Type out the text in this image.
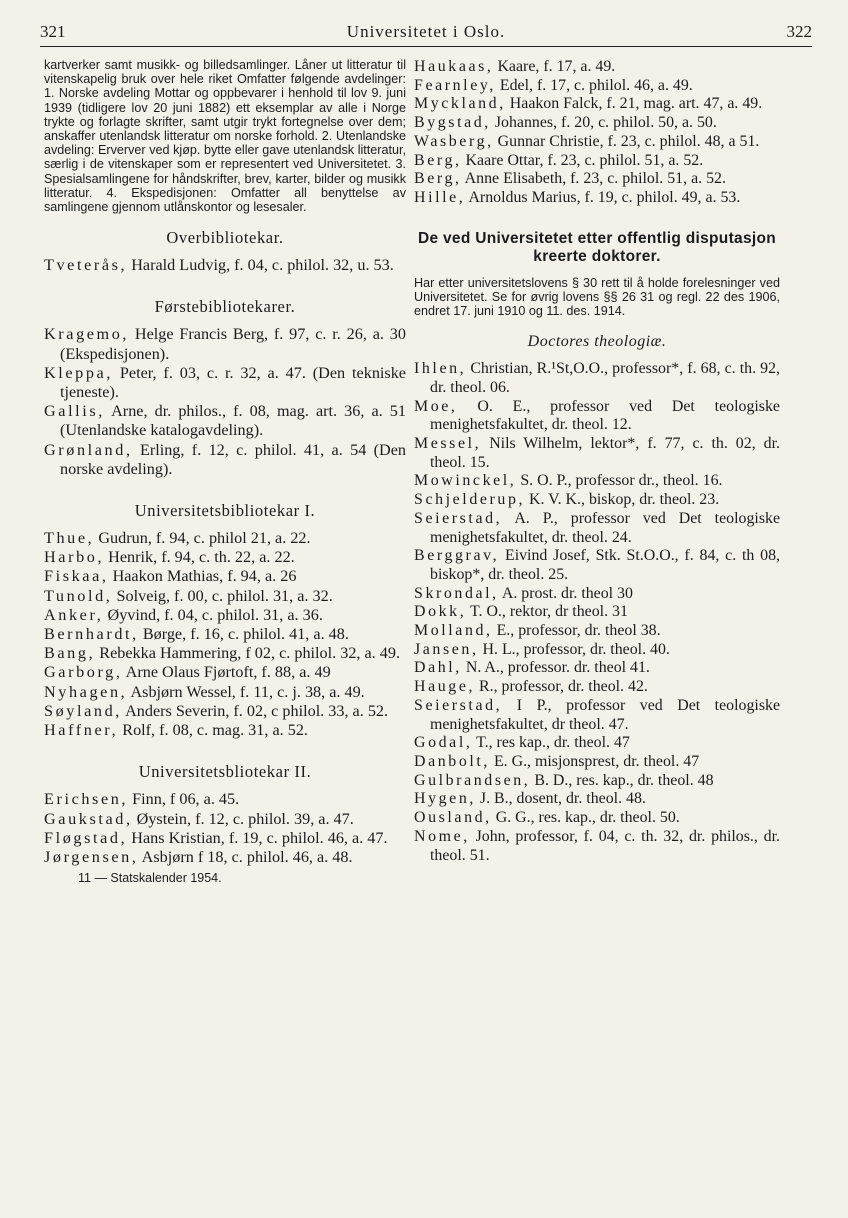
321	Universitetet i Oslo.	322

kartverker samt musikk- og billedsamlinger. Låner ut litteratur til vitenskapelig bruk over hele riket Omfatter følgende avdelinger: 1. Norske avdeling Mottar og oppbevarer i henhold til lov 9. juni 1939 (tidligere lov 20 juni 1882) ett eksemplar av alle i Norge trykte og forlagte skrifter, samt utgir trykt fortegnelse over dem; anskaffer utenlandsk litteratur om norske forhold. 2. Utenlandske avdeling: Erverver ved kjøp. bytte eller gave utenlandsk litteratur, særlig i de vitenskaper som er representert ved Universitetet. 3. Spesialsamlingene for håndskrifter, brev, karter, bilder og musikk litteratur. 4. Ekspedisjonen: Omfatter all benyttelse av samlingene gjennom utlånskontor og lesesaler.

Overbibliotekar.

Tveterås, Harald Ludvig, f. 04, c. philol. 32, u. 53.

Førstebibliotekarer.

Kragemo, Helge Francis Berg, f. 97, c. r. 26, a. 30 (Ekspedisjonen).

Kleppa, Peter, f. 03, c. r. 32, a. 47. (Den tekniske tjeneste).

Gallis, Arne, dr. philos., f. 08, mag. art. 36, a. 51 (Utenlandske katalogavdeling).

Grønland, Erling, f. 12, c. philol. 41, a. 54 (Den norske avdeling).

Universitetsbibliotekar I.

Thue, Gudrun, f. 94, c. philol 21, a. 22.

Harbo, Henrik, f. 94, c. th. 22, a. 22.

Fiskaa, Haakon Mathias, f. 94, a. 26

Tunold, Solveig, f. 00, c. philol. 31, a. 32.

Anker, Øyvind, f. 04, c. philol. 31, a. 36.

Bernhardt, Børge, f. 16, c. philol. 41, a. 48.

Bang, Rebekka Hammering, f 02, c. philol. 32, a. 49.

Garborg, Arne Olaus Fjørtoft, f. 88, a. 49

Nyhagen, Asbjørn Wessel, f. 11, c. j. 38, a. 49.

Søyland, Anders Severin, f. 02, c philol. 33, a. 52.

Haffner, Rolf, f. 08, c. mag. 31, a. 52.

Universitetsbliotekar II.

Erichsen, Finn, f 06, a. 45.

Gaukstad, Øystein, f. 12, c. philol. 39, a. 47.

Fløgstad, Hans Kristian, f. 19, c. philol. 46, a. 47.

Jørgensen, Asbjørn f 18, c. philol. 46, a. 48.

11 — Statskalender 1954.

Haukaas, Kaare, f. 17, a. 49.

Fearnley, Edel, f. 17, c. philol. 46, a. 49.

Myckland, Haakon Falck, f. 21, mag. art. 47, a. 49.

Bygstad, Johannes, f. 20, c. philol. 50, a. 50.

Wasberg, Gunnar Christie, f. 23, c. philol. 48, a 51.

Berg, Kaare Ottar, f. 23, c. philol. 51, a. 52.

Berg, Anne Elisabeth, f. 23, c. philol. 51, a. 52.

Hille, Arnoldus Marius, f. 19, c. philol. 49, a. 53.

De ved Universitetet etter offentlig disputasjon kreerte doktorer.

Har etter universitetslovens § 30 rett til å holde forelesninger ved Universitetet. Se for øvrig lovens §§ 26 31 og regl. 22 des 1906, endret 17. juni 1910 og 11. des. 1914.

Doctores theologiæ.

Ihlen, Christian, R.¹St,O.O., professor*, f. 68, c. th. 92, dr. theol. 06.

Moe, O. E., professor ved Det teologiske menighetsfakultet, dr. theol. 12.

Messel, Nils Wilhelm, lektor*, f. 77, c. th. 02, dr. theol. 15.

Mowinckel, S. O. P., professor dr., theol. 16.

Schjelderup, K. V. K., biskop, dr. theol. 23.

Seierstad, A. P., professor ved Det teologiske menighetsfakultet, dr. theol. 24.

Berggrav, Eivind Josef, Stk. St.O.O., f. 84, c. th 08, biskop*, dr. theol. 25.

Skrondal, A. prost. dr. theol 30

Dokk, T. O., rektor, dr theol. 31

Molland, E., professor, dr. theol 38.

Jansen, H. L., professor, dr. theol. 40.

Dahl, N. A., professor. dr. theol 41.

Hauge, R., professor, dr. theol. 42.

Seierstad, I P., professor ved Det teologiske menighetsfakultet, dr theol. 47.

Godal, T., res kap., dr. theol. 47

Danbolt, E. G., misjonsprest, dr. theol. 47

Gulbrandsen, B. D., res. kap., dr. theol. 48

Hygen, J. B., dosent, dr. theol. 48.

Ousland, G. G., res. kap., dr. theol. 50.

Nome, John, professor, f. 04, c. th. 32, dr. philos., dr. theol. 51.
